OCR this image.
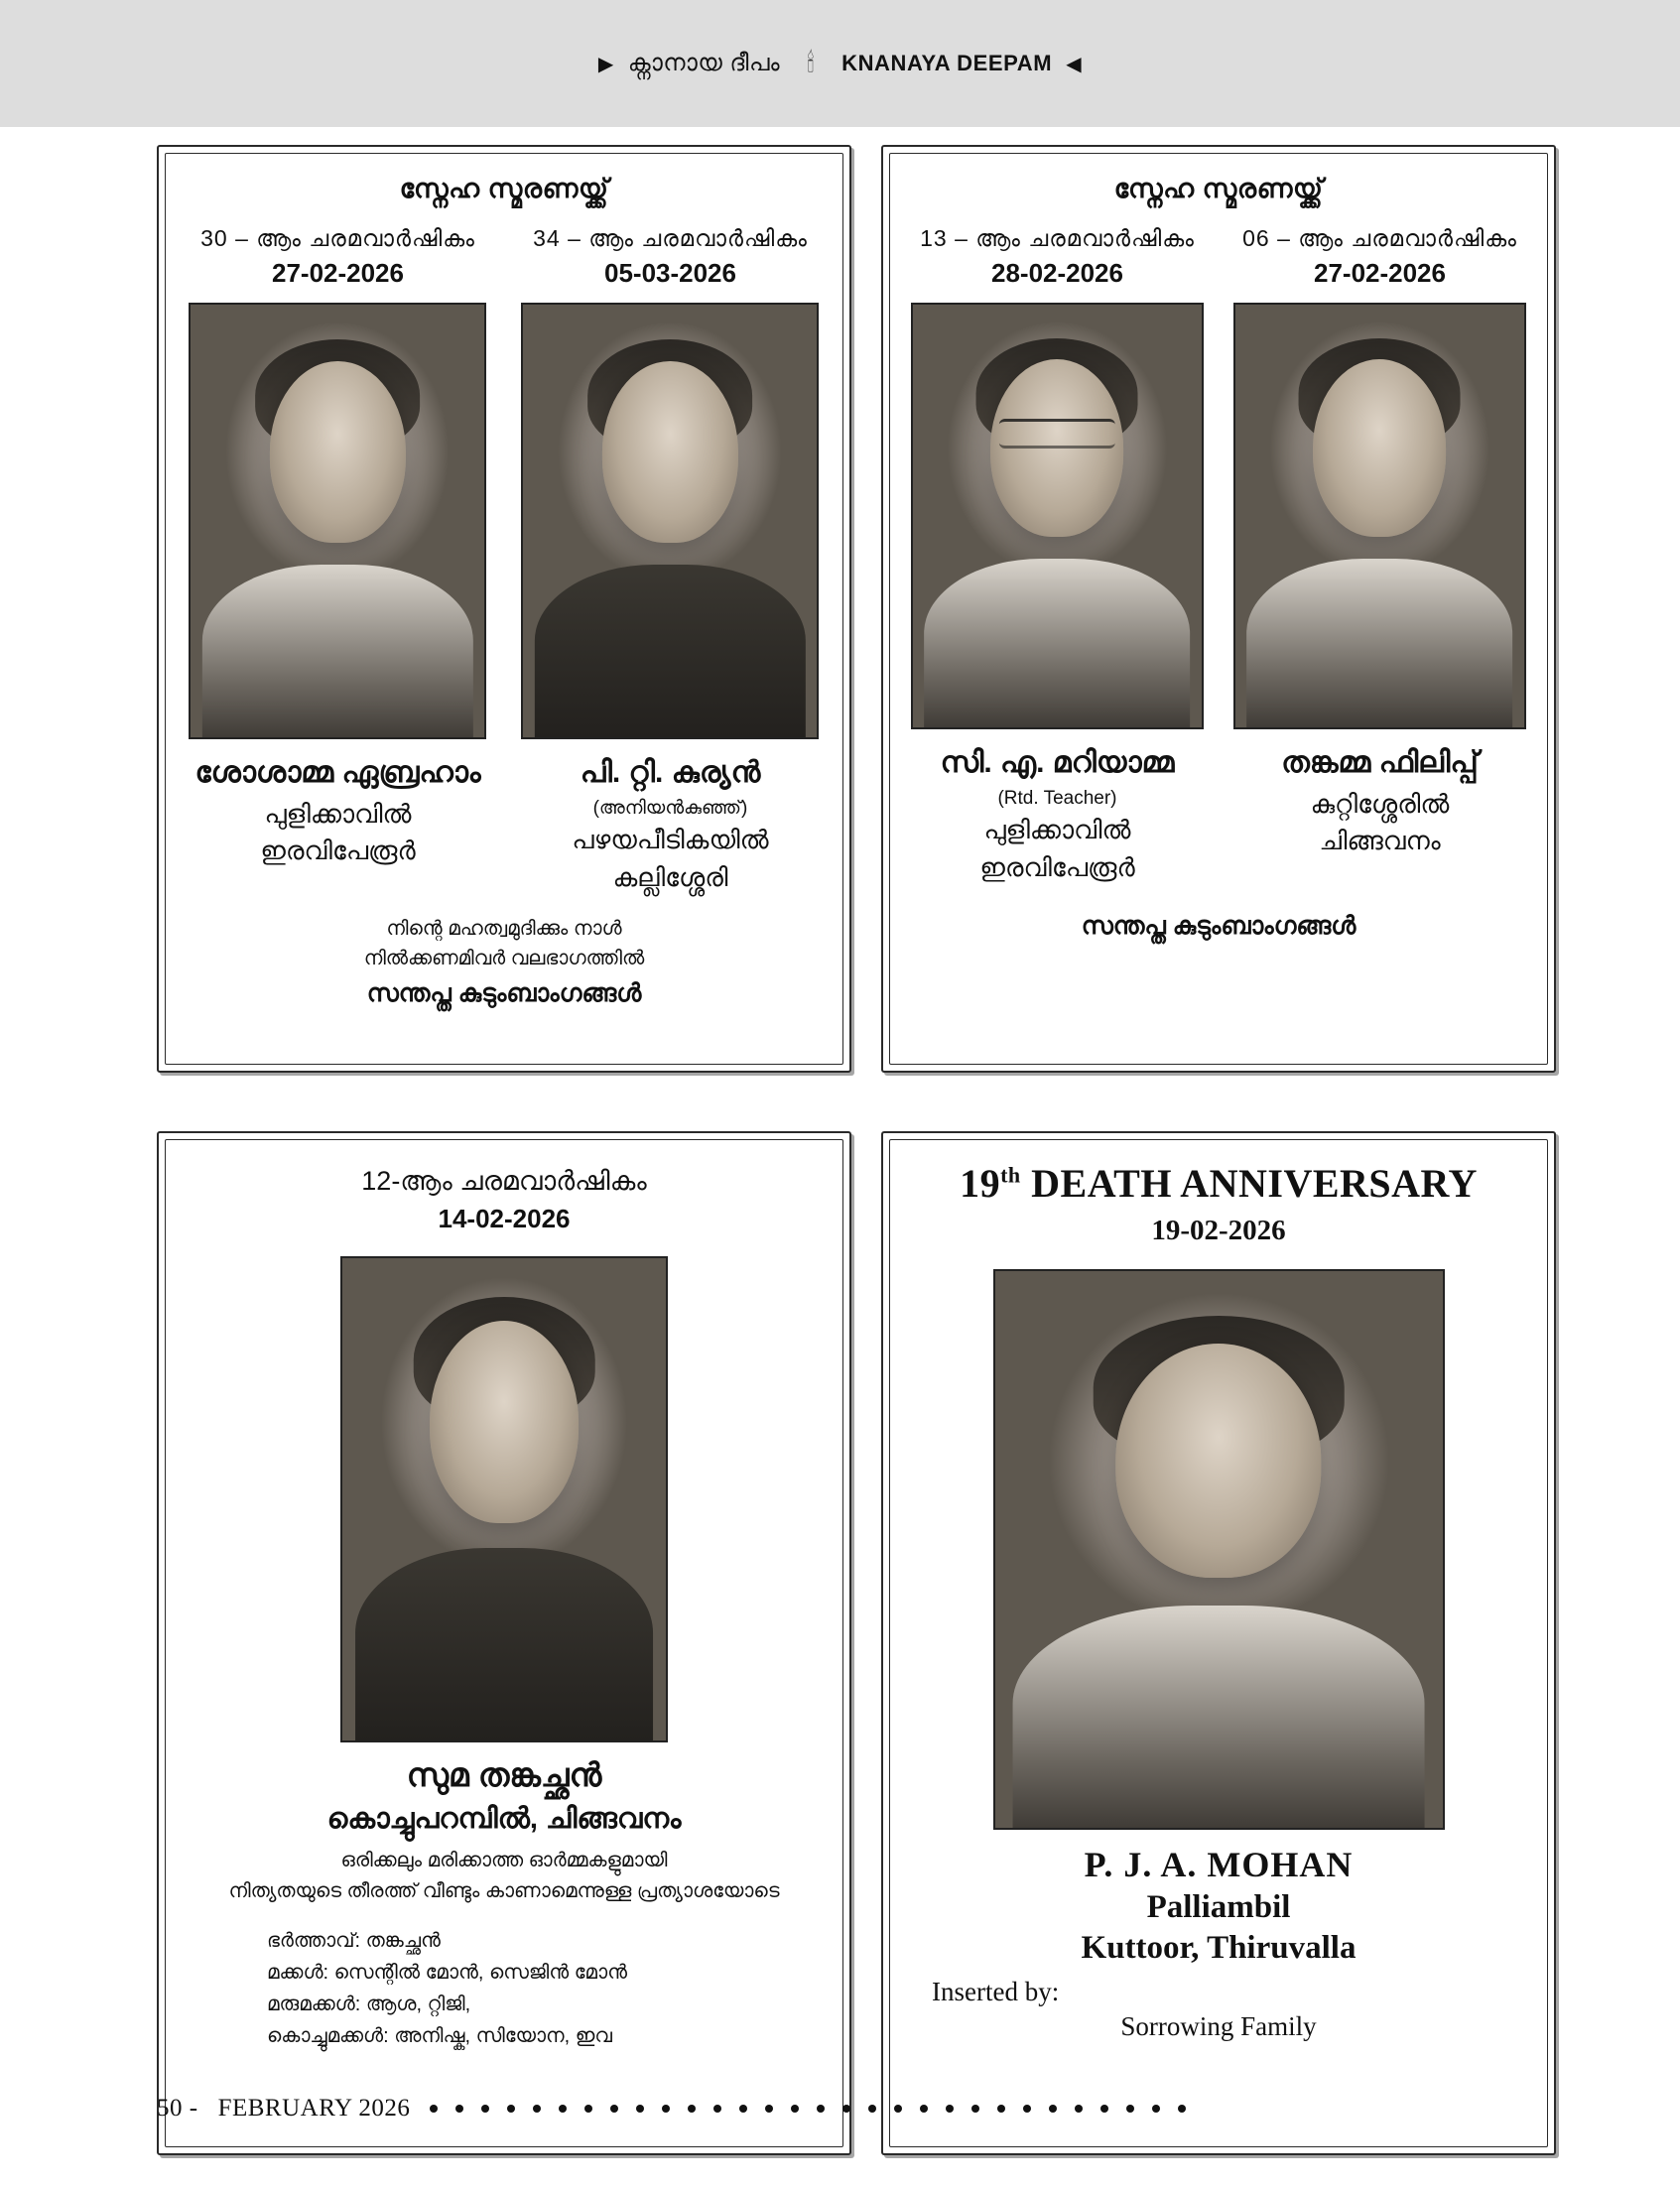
▶ ക്നാനായ ദീപം	🕯	KNANAYA DEEPAM ◀
സ്നേഹ സ്മരണയ്ക്ക്
30 – ആം ചരമവാർഷികം
27-02-2026
ശോശാമ്മ ഏബ്രഹാം
പുളിക്കാവിൽ
ഇരവിപേരൂർ
34 – ആം ചരമവാർഷികം
05-03-2026
പി. റ്റി. കുര്യൻ
(അനിയൻകുഞ്ഞ്)
പഴയപീടികയിൽ
കല്ലിശ്ശേരി
നിന്റെ മഹത്വമുദിക്കും നാൾ
നിൽക്കണമിവർ വലഭാഗത്തിൽ
സന്തപ്ത കുടുംബാംഗങ്ങൾ
സ്നേഹ സ്മരണയ്ക്ക്
13 – ആം ചരമവാർഷികം
28-02-2026
സി. എ. മറിയാമ്മ
(Rtd. Teacher)
പുളിക്കാവിൽ
ഇരവിപേരൂർ
06 – ആം ചരമവാർഷികം
27-02-2026
തങ്കമ്മ ഫിലിപ്പ്
കുറ്റിശ്ശേരിൽ
ചിങ്ങവനം
സന്തപ്ത കുടുംബാംഗങ്ങൾ
12-ആം ചരമവാർഷികം
14-02-2026
സുമ തങ്കച്ഛൻ
കൊച്ചുപറമ്പിൽ, ചിങ്ങവനം
ഒരിക്കലും മരിക്കാത്ത ഓർമ്മകളുമായി
നിത്യതയുടെ തീരത്ത് വീണ്ടും കാണാമെന്നുള്ള പ്രത്യാശയോടെ
ഭർത്താവ്: തങ്കച്ഛൻ
മക്കൾ: സെന്റിൽ മോൻ, സെജിൻ മോൻ
മരുമക്കൾ: ആശ, റ്റിജി,
കൊച്ചുമക്കൾ: അനിഷ്ക, സിയോന, ഇവ
19th DEATH ANNIVERSARY
19-02-2026
P. J. A. MOHAN
Palliambil
Kuttoor, Thiruvalla
Inserted by:
Sorrowing Family
50 - FEBRUARY 2026
